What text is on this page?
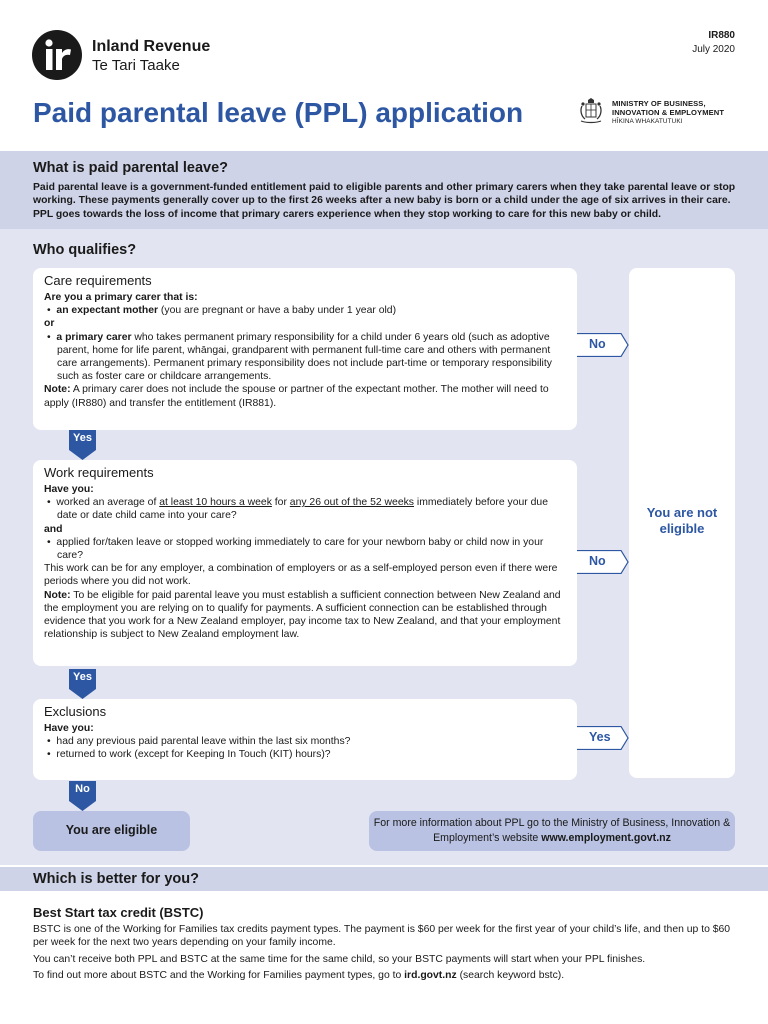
Inland Revenue
Te Tari Taake
IR880
July 2020
Paid parental leave (PPL) application	MINISTRY OF BUSINESS,
INNOVATION & EMPLOYMENT
HĪKINA WHAKATUTUKI
What is paid parental leave?

Paid parental leave is a government-funded entitlement paid to eligible parents and other primary carers when they take parental leave or stop working. These payments generally cover up to the first 26 weeks after a new baby is born or a child under the age of six arrives in their care. PPL goes towards the loss of income that primary carers experience when they stop working to care for this new baby or child.

Who qualifies?
Care requirements
Are you a primary carer that is:
•  an expectant mother (you are pregnant or have a baby under 1 year old)
or
•  a primary carer who takes permanent primary responsibility for a child under 6 years old (such as adoptive parent, home for life parent, whāngai, grandparent with permanent full-time care and others with permanent care arrangements). Permanent primary responsibility does not include part-time or temporary responsibility such as foster care or childcare arrangements.
Note: A primary carer does not include the spouse or partner of the expectant mother. The mother will need to apply (IR880) and transfer the entitlement (IR881).
Work requirements
Have you:
•  worked an average of at least 10 hours a week for any 26 out of the 52 weeks immediately before your due date or date child came into your care?
and
•  applied for/taken leave or stopped working immediately to care for your newborn baby or child now in your care?
This work can be for any employer, a combination of employers or as a self-employed person even if there were periods where you did not work.
Note: To be eligible for paid parental leave you must establish a sufficient connection between New Zealand and the employment you are relying on to qualify for payments. A sufficient connection can be established through evidence that you work for a New Zealand employer, pay income tax to New Zealand, and that your employment relationship is subject to New Zealand employment law.
Exclusions
Have you:
•  had any previous paid parental leave within the last six months?
•  returned to work (except for Keeping In Touch (KIT) hours)?
You are not eligible
No
No
Yes
Yes
Yes
No
You are eligible	For more information about PPL go to the Ministry of Business, Innovation & Employment’s website www.employment.govt.nz

Which is better for you?
Best Start tax credit (BSTC)

BSTC is one of the Working for Families tax credits payment types. The payment is $60 per week for the first year of your child’s life, and then up to $60 per week for the next two years depending on your family income.

You can’t receive both PPL and BSTC at the same time for the same child, so your BSTC payments will start when your PPL finishes.

To find out more about BSTC and the Working for Families payment types, go to ird.govt.nz (search keyword bstc).
